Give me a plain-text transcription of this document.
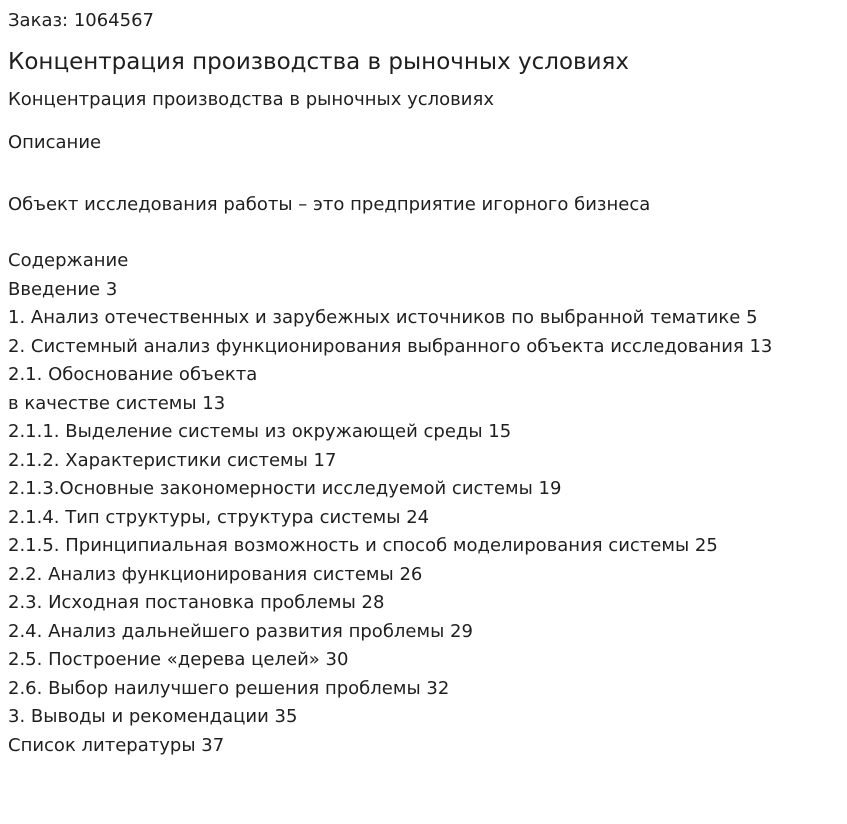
Заказ: 1064567
Концентрация производства в рыночных условиях
Концентрация производства в рыночных условиях
Описание
Объект исследования работы – это предприятие игорного бизнеса
Содержание
Введение 3
1. Анализ отечественных и зарубежных источников по выбранной тематике 5
2. Системный анализ функционирования выбранного объекта исследования 13
2.1. Обоснование объекта
в качестве системы 13
2.1.1. Выделение системы из окружающей среды 15
2.1.2. Характеристики системы 17
2.1.3.Основные закономерности исследуемой системы 19
2.1.4. Тип структуры, структура системы 24
2.1.5. Принципиальная возможность и способ моделирования системы 25
2.2. Анализ функционирования системы 26
2.3. Исходная постановка проблемы 28
2.4. Анализ дальнейшего развития проблемы 29
2.5. Построение «дерева целей» 30
2.6. Выбор наилучшего решения проблемы 32
3. Выводы и рекомендации 35
Список литературы 37
